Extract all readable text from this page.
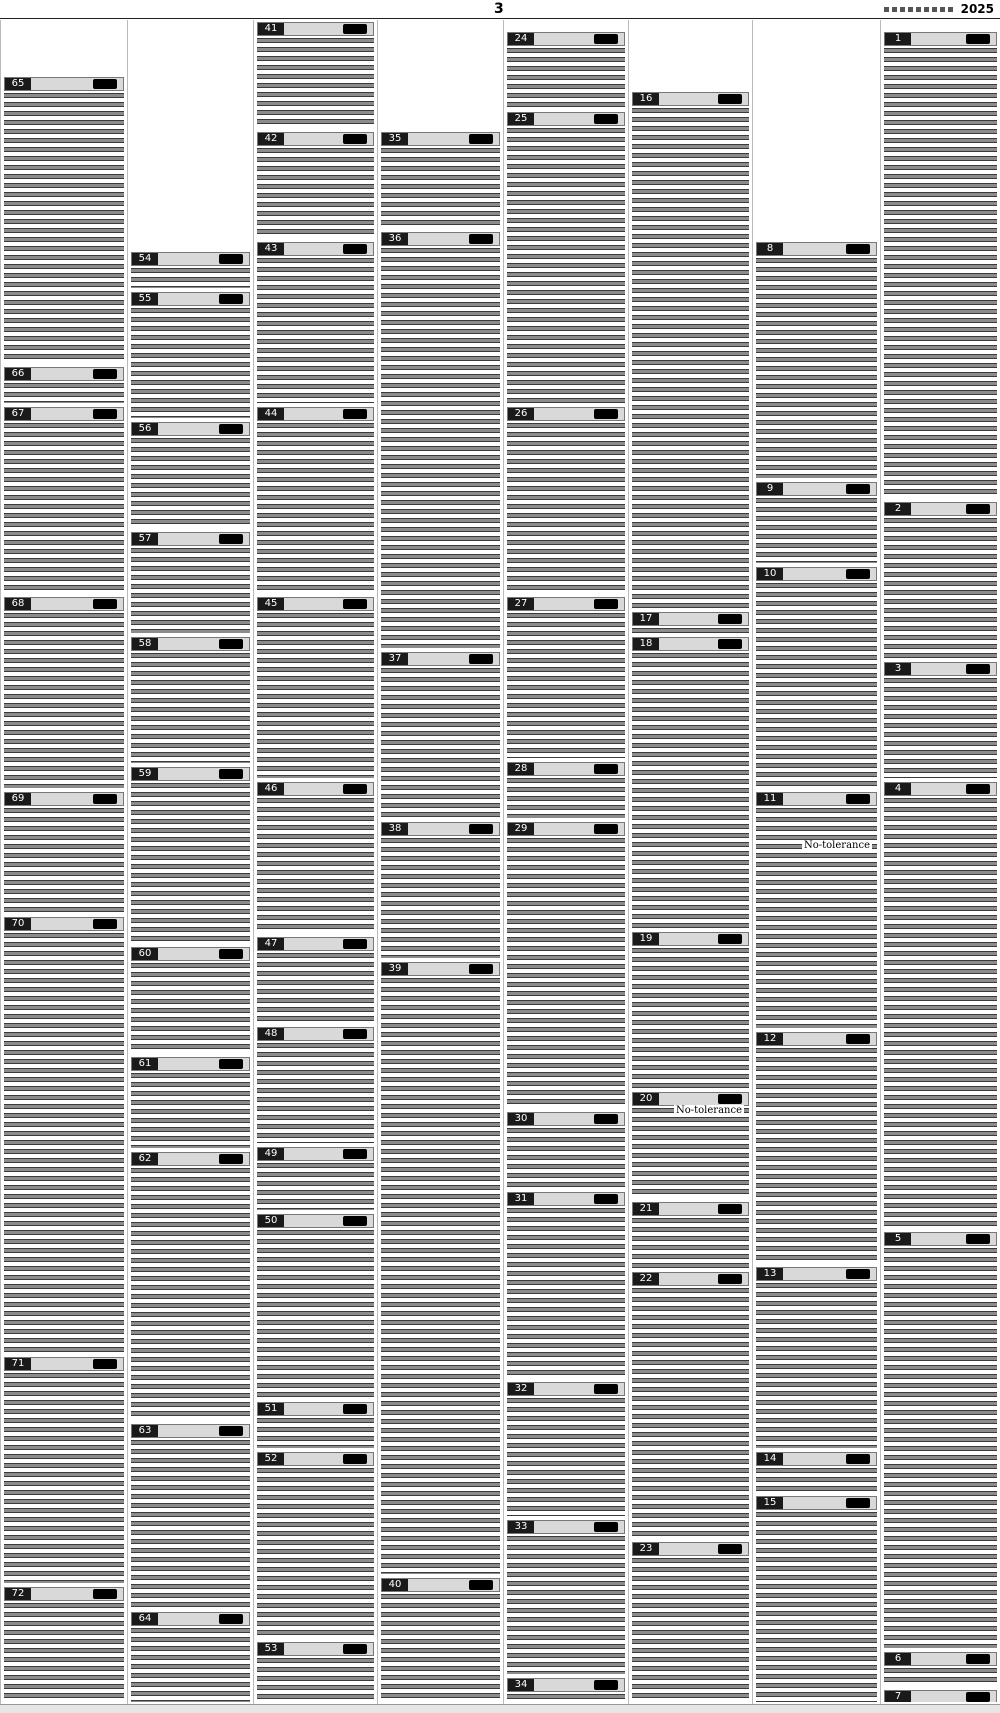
3	2025
1
2
3
4
5
6
7
8
9
10
11
12
13
14
15
No-tolerance
16
17
18
19
20
21
22
23
No-tolerance
24
25
26
27
28
29
30
31
32
33
34
35
36
37
38
39
40
41
42
43
44
45
46
47
48
49
50
51
52
53
54
55
56
57
58
59
60
61
62
63
64
65
66
67
68
69
70
71
72
